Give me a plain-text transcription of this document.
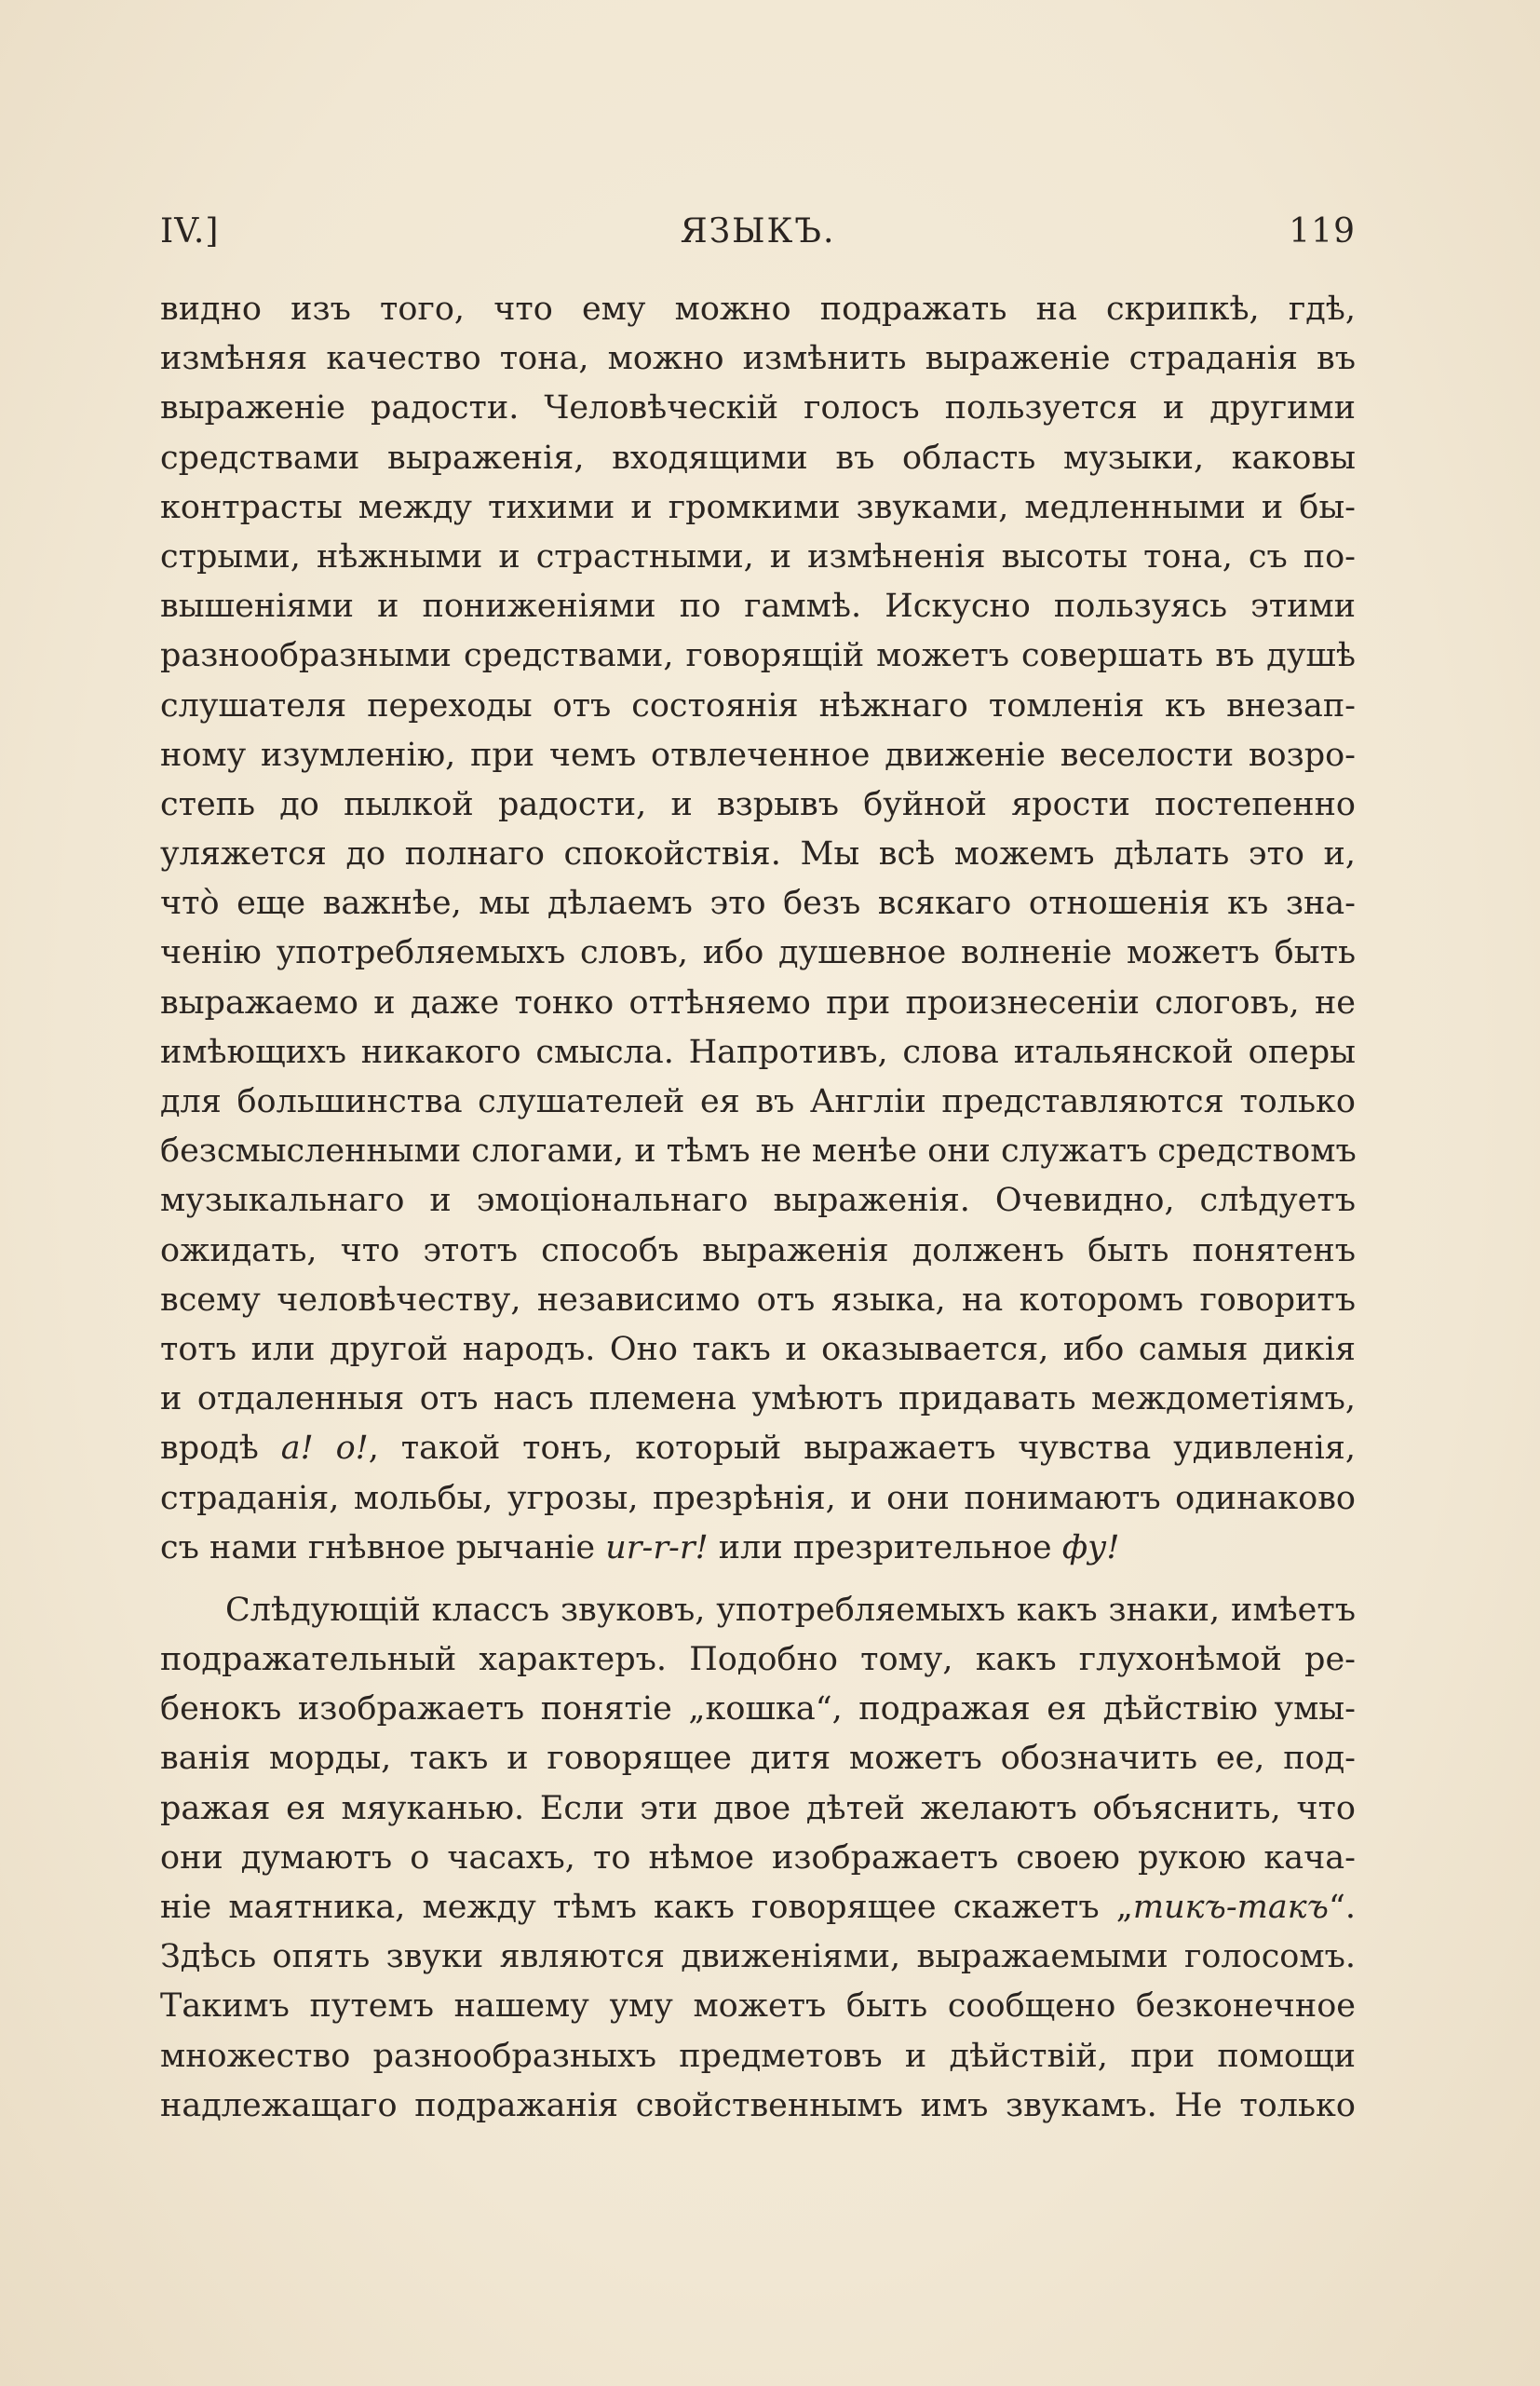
IV.]	ЯЗЫКЪ.	119
видно изъ того, что ему можно подражать на скрипкѣ, гдѣ,
измѣняя качество тона, можно измѣнить выраженіе страданія въ
выраженіе радости. Человѣческій голосъ пользуется и другими
средствами выраженія, входящими въ область музыки, каковы
контрасты между тихими и громкими звуками, медленными и бы-
стрыми, нѣжными и страстными, и измѣненія высоты тона, съ по-
вышеніями и пониженіями по гаммѣ. Искусно пользуясь этими
разнообразными средствами, говорящій можетъ совершать въ душѣ
слушателя переходы отъ состоянія нѣжнаго томленія къ внезап-
ному изумленію, при чемъ отвлеченное движеніе веселости возро-
степь до пылкой радости, и взрывъ буйной ярости постепенно
уляжется до полнаго спокойствія. Мы всѣ можемъ дѣлать это и,
что̀ еще важнѣе, мы дѣлаемъ это безъ всякаго отношенія къ зна-
ченію употребляемыхъ словъ, ибо душевное волненіе можетъ быть
выражаемо и даже тонко оттѣняемо при произнесеніи слоговъ, не
имѣющихъ никакого смысла. Напротивъ, слова итальянской оперы
для большинства слушателей ея въ Англіи представляются только
безсмысленными слогами, и тѣмъ не менѣе они служатъ средствомъ
музыкальнаго и эмоціональнаго выраженія. Очевидно, слѣдуетъ
ожидать, что этотъ способъ выраженія долженъ быть понятенъ
всему человѣчеству, независимо отъ языка, на которомъ говоритъ
тотъ или другой народъ. Оно такъ и оказывается, ибо самыя дикія
и отдаленныя отъ насъ племена умѣютъ придавать междометіямъ,
вродѣ а! о!, такой тонъ, который выражаетъ чувства удивленія,
страданія, мольбы, угрозы, презрѣнія, и они понимаютъ одинаково
съ нами гнѣвное рычаніе ur-r-r! или презрительное фу!
Слѣдующій классъ звуковъ, употребляемыхъ какъ знаки, имѣетъ
подражательный характеръ. Подобно тому, какъ глухонѣмой ре-
бенокъ изображаетъ понятіе „кошка“, подражая ея дѣйствію умы-
ванія морды, такъ и говорящее дитя можетъ обозначить ее, под-
ражая ея мяуканью. Если эти двое дѣтей желаютъ объяснить, что
они думаютъ о часахъ, то нѣмое изображаетъ своею рукою кача-
ніе маятника, между тѣмъ какъ говорящее скажетъ „тикъ-такъ“.
Здѣсь опять звуки являются движеніями, выражаемыми голосомъ.
Такимъ путемъ нашему уму можетъ быть сообщено безконечное
множество разнообразныхъ предметовъ и дѣйствій, при помощи
надлежащаго подражанія свойственнымъ имъ звукамъ. Не только
